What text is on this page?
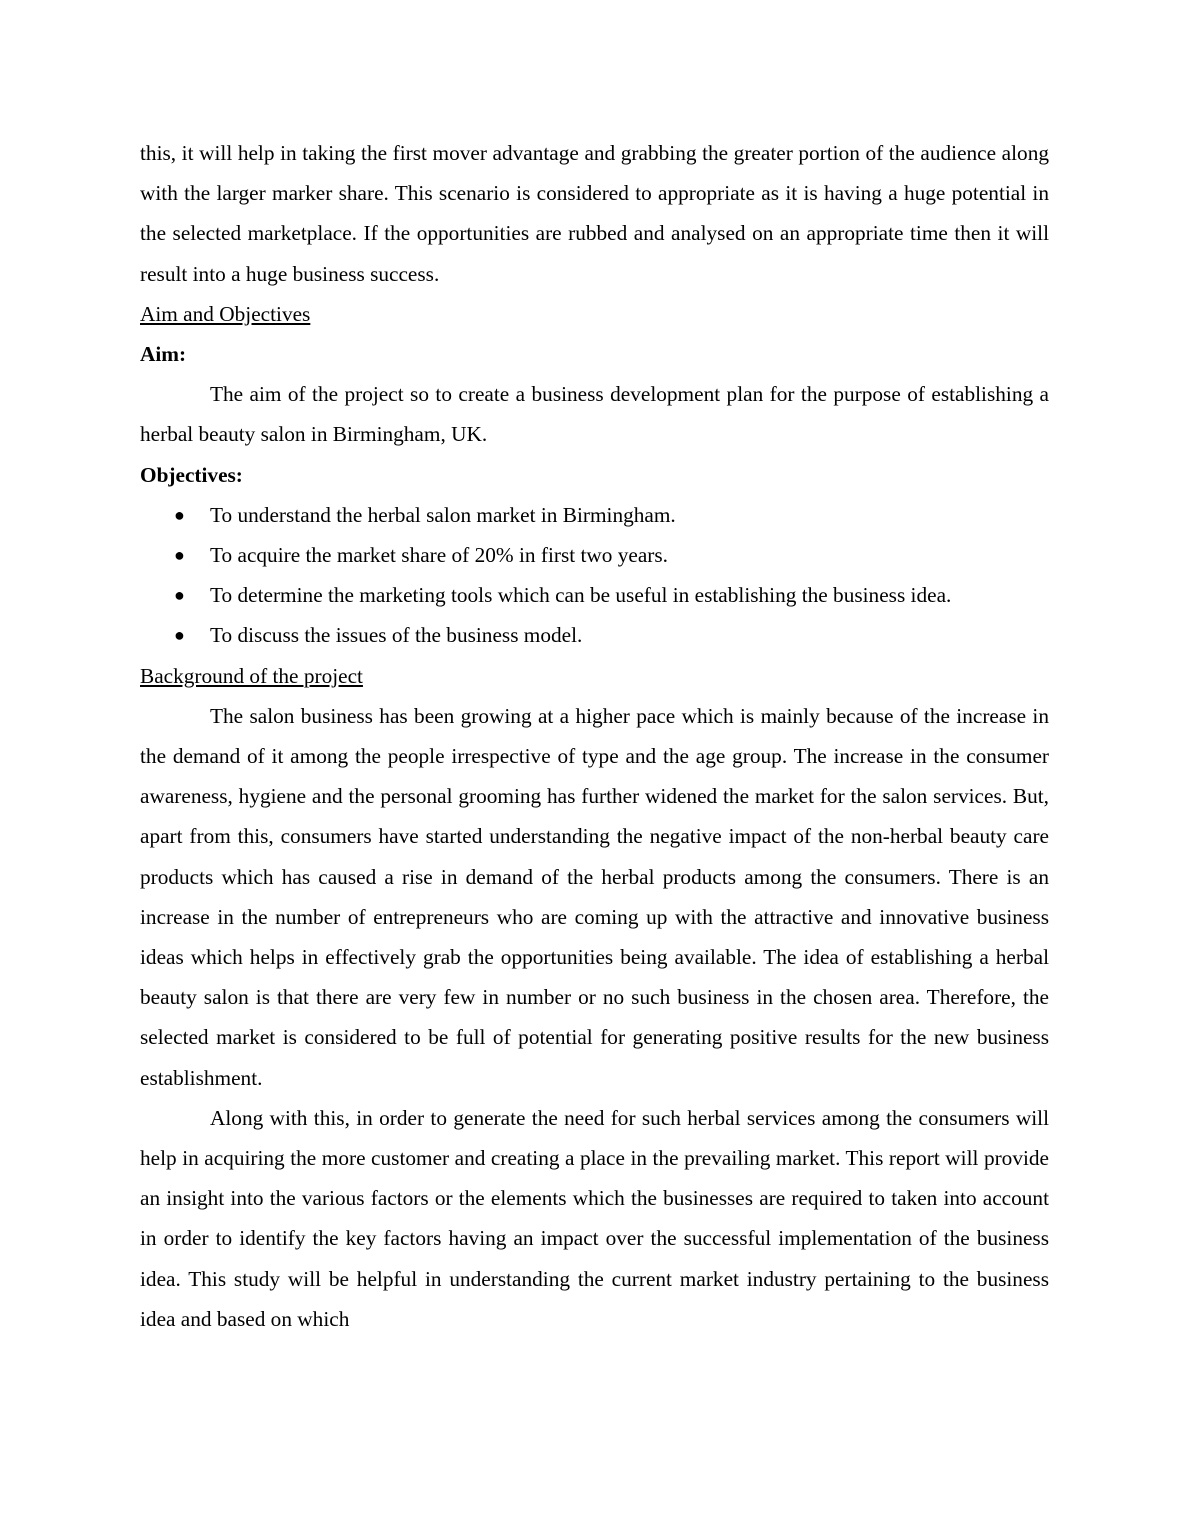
this, it will help in taking the first mover advantage and grabbing the greater portion of the audience along with the larger marker share. This scenario is considered to appropriate as it is having a huge potential in the selected marketplace. If the opportunities are rubbed and analysed on an appropriate time then it will result into a huge business success.

Aim and Objectives

Aim:

The aim of the project so to create a business development plan for the purpose of establishing a herbal beauty salon in Birmingham, UK.

Objectives:

● To understand the herbal salon market in Birmingham.
● To acquire the market share of 20% in first two years.
● To determine the marketing tools which can be useful in establishing the business idea.
● To discuss the issues of the business model.

Background of the project

The salon business has been growing at a higher pace which is mainly because of the increase in the demand of it among the people irrespective of type and the age group. The increase in the consumer awareness, hygiene and the personal grooming has further widened the market for the salon services. But, apart from this, consumers have started understanding the negative impact of the non-herbal beauty care products which has caused a rise in demand of the herbal products among the consumers. There is an increase in the number of entrepreneurs who are coming up with the attractive and innovative business ideas which helps in effectively grab the opportunities being available. The idea of establishing a herbal beauty salon is that there are very few in number or no such business in the chosen area. Therefore, the selected market is considered to be full of potential for generating positive results for the new business establishment.

Along with this, in order to generate the need for such herbal services among the consumers will help in acquiring the more customer and creating a place in the prevailing market. This report will provide an insight into the various factors or the elements which the businesses are required to taken into account in order to identify the key factors having an impact over the successful implementation of the business idea. This study will be helpful in understanding the current market industry pertaining to the business idea and based on which
